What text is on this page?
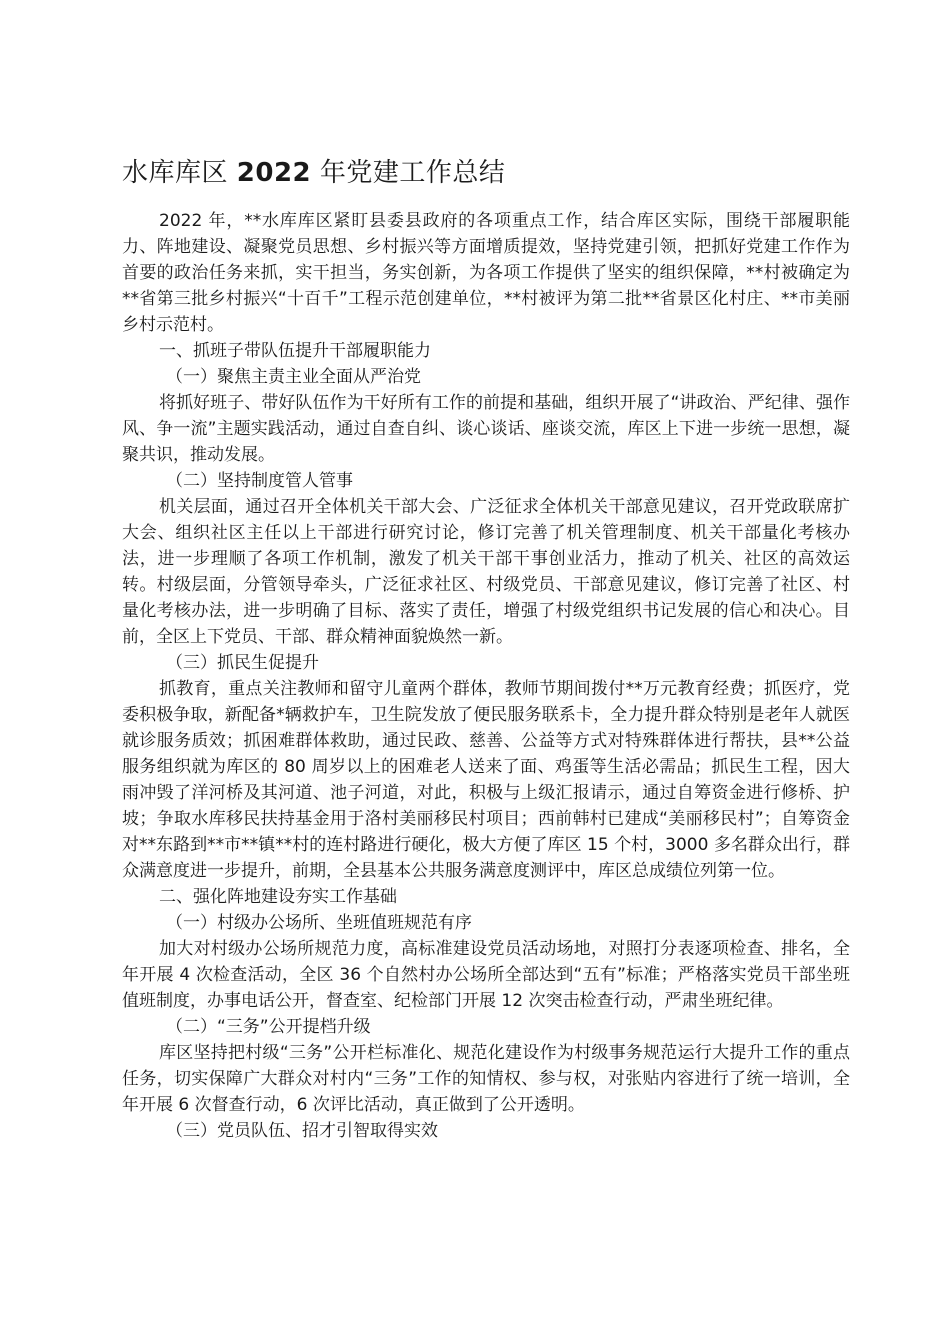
水库库区 2022 年党建工作总结

2022 年，**水库库区紧盯县委县政府的各项重点工作，结合库区实际，围绕干部履职能力、阵地建设、凝聚党员思想、乡村振兴等方面增质提效，坚持党建引领，把抓好党建工作作为首要的政治任务来抓，实干担当，务实创新，为各项工作提供了坚实的组织保障，**村被确定为**省第三批乡村振兴“十百千”工程示范创建单位，**村被评为第二批**省景区化村庄、**市美丽乡村示范村。

一、抓班子带队伍提升干部履职能力

（一）聚焦主责主业全面从严治党

将抓好班子、带好队伍作为干好所有工作的前提和基础，组织开展了“讲政治、严纪律、强作风、争一流”主题实践活动，通过自查自纠、谈心谈话、座谈交流，库区上下进一步统一思想，凝聚共识，推动发展。

（二）坚持制度管人管事

机关层面，通过召开全体机关干部大会、广泛征求全体机关干部意见建议，召开党政联席扩大会、组织社区主任以上干部进行研究讨论，修订完善了机关管理制度、机关干部量化考核办法，进一步理顺了各项工作机制，激发了机关干部干事创业活力，推动了机关、社区的高效运转。村级层面，分管领导牵头，广泛征求社区、村级党员、干部意见建议，修订完善了社区、村量化考核办法，进一步明确了目标、落实了责任，增强了村级党组织书记发展的信心和决心。目前，全区上下党员、干部、群众精神面貌焕然一新。

（三）抓民生促提升

抓教育，重点关注教师和留守儿童两个群体，教师节期间拨付**万元教育经费；抓医疗，党委积极争取，新配备*辆救护车，卫生院发放了便民服务联系卡，全力提升群众特别是老年人就医就诊服务质效；抓困难群体救助，通过民政、慈善、公益等方式对特殊群体进行帮扶，县**公益服务组织就为库区的 80 周岁以上的困难老人送来了面、鸡蛋等生活必需品；抓民生工程，因大雨冲毁了洋河桥及其河道、池子河道，对此，积极与上级汇报请示，通过自筹资金进行修桥、护坡；争取水库移民扶持基金用于洛村美丽移民村项目；西前韩村已建成“美丽移民村”；自筹资金对**东路到**市**镇**村的连村路进行硬化，极大方便了库区 15 个村，3000 多名群众出行，群众满意度进一步提升，前期，全县基本公共服务满意度测评中，库区总成绩位列第一位。

二、强化阵地建设夯实工作基础

（一）村级办公场所、坐班值班规范有序

加大对村级办公场所规范力度，高标准建设党员活动场地，对照打分表逐项检查、排名，全年开展 4 次检查活动，全区 36 个自然村办公场所全部达到“五有”标准；严格落实党员干部坐班值班制度，办事电话公开，督查室、纪检部门开展 12 次突击检查行动，严肃坐班纪律。

（二）“三务”公开提档升级

库区坚持把村级“三务”公开栏标准化、规范化建设作为村级事务规范运行大提升工作的重点任务，切实保障广大群众对村内“三务”工作的知情权、参与权，对张贴内容进行了统一培训，全年开展 6 次督查行动，6 次评比活动，真正做到了公开透明。

（三）党员队伍、招才引智取得实效
